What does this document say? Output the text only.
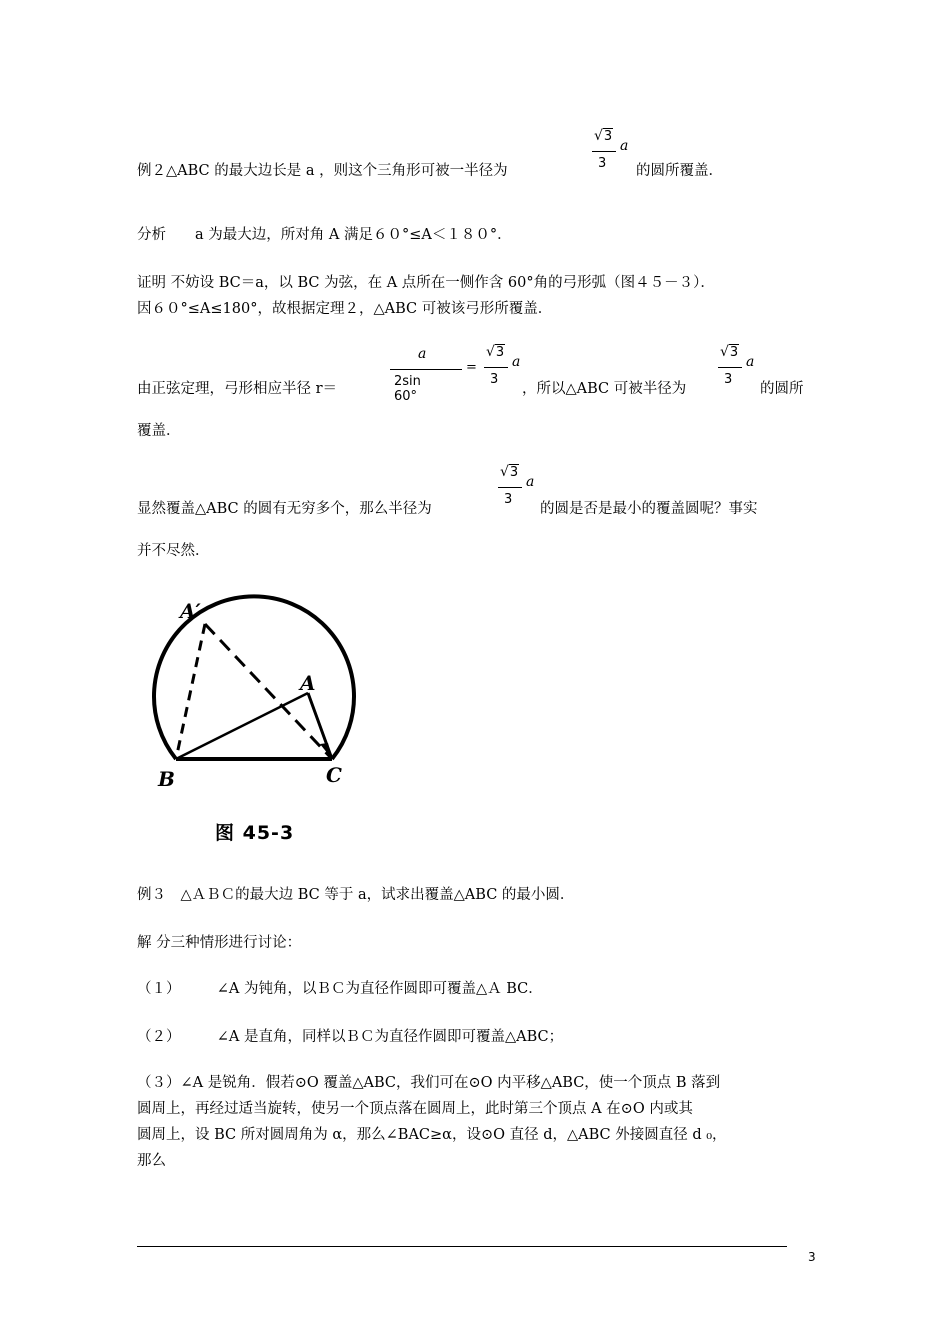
例２△ABC 的最大边长是 a ，则这个三角形可被一半径为
√3
3
a
的圆所覆盖．
分析　　a 为最大边，所对角 A 满足６０°≤A＜１８０°．
证明 不妨设 BC＝a，以 BC 为弦，在 A 点所在一侧作含 60°角的弓形弧（图４５－３）．
因６０°≤A≤180°，故根据定理２，△ABC 可被该弓形所覆盖．
由正弦定理，弓形相应半径 r＝
a
2sin 60°
=
√3
3
a
，所以△ABC 可被半径为
√3
3
a
的圆所
覆盖．
显然覆盖△ABC 的圆有无穷多个，那么半径为
√3
3
a
的圆是否是最小的覆盖圆呢？事实
并不尽然．
A′
A
B	C
图 45-3
例３　△ＡＢＣ的最大边 BC 等于 a，试求出覆盖△ABC 的最小圆．
解 分三种情形进行讨论：
（１）　　　∠A 为钝角，以ＢＣ为直径作圆即可覆盖△Ａ BC．
（２）　　　∠A 是直角，同样以ＢＣ为直径作圆即可覆盖△ABC；
（３）∠A 是锐角．假若⊙O 覆盖△ABC，我们可在⊙O 内平移△ABC，使一个顶点 B 落到
圆周上，再经过适当旋转，使另一个顶点落在圆周上，此时第三个顶点 A 在⊙O 内或其
圆周上，设 BC 所对圆周角为 α，那么∠BAC≥α，设⊙O 直径 d，△ABC 外接圆直径 d ₀，
那么
3
